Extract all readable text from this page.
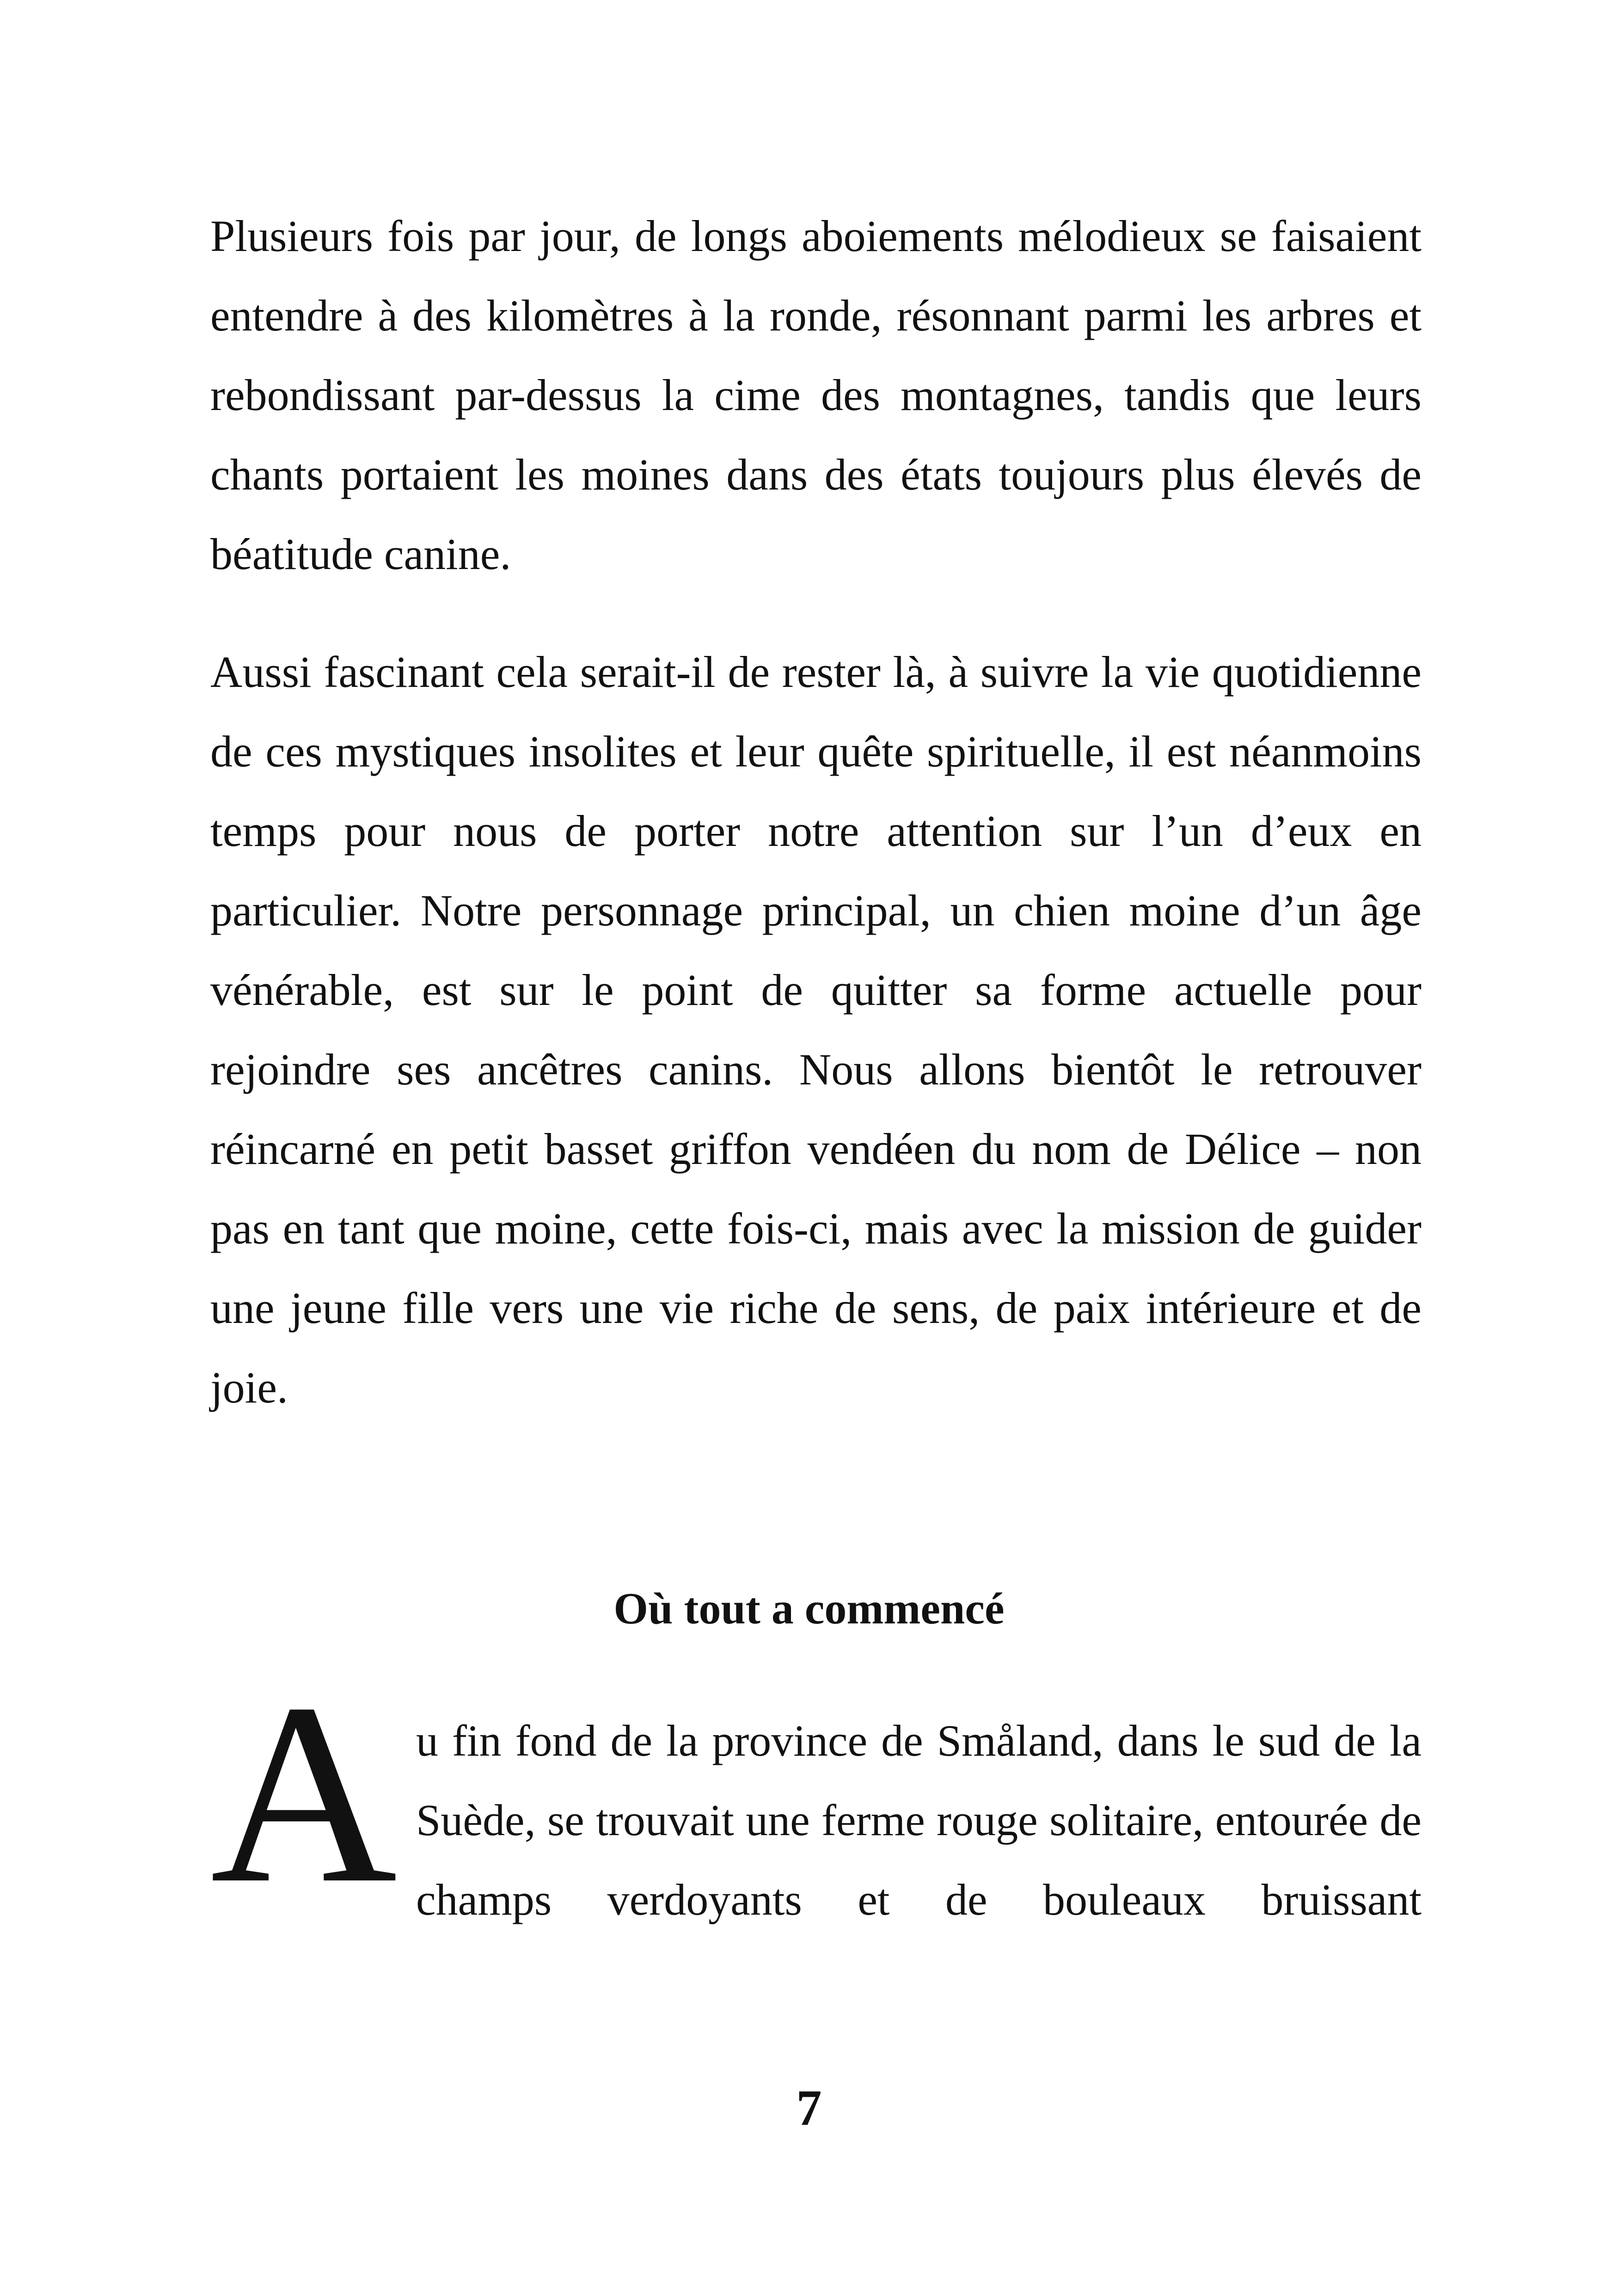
Plusieurs fois par jour, de longs aboiements mélodieux se faisaient entendre à des kilomètres à la ronde, résonnant parmi les arbres et rebondissant par-dessus la cime des montagnes, tandis que leurs chants portaient les moines dans des états toujours plus élevés de béatitude canine.

Aussi fascinant cela serait-il de rester là, à suivre la vie quotidienne de ces mystiques insolites et leur quête spirituelle, il est néanmoins temps pour nous de porter notre attention sur l’un d’eux en particulier. Notre personnage principal, un chien moine d’un âge vénérable, est sur le point de quitter sa forme actuelle pour rejoindre ses ancêtres canins. Nous allons bientôt le retrouver réincarné en petit basset griffon vendéen du nom de Délice – non pas en tant que moine, cette fois-ci, mais avec la mission de guider une jeune fille vers une vie riche de sens, de paix intérieure et de joie.

Où tout a commencé
A u fin fond de la province de Småland, dans le sud de la Suède, se trouvait une ferme rouge solitaire, entourée de champs verdoyants et de bouleaux bruissant

7
